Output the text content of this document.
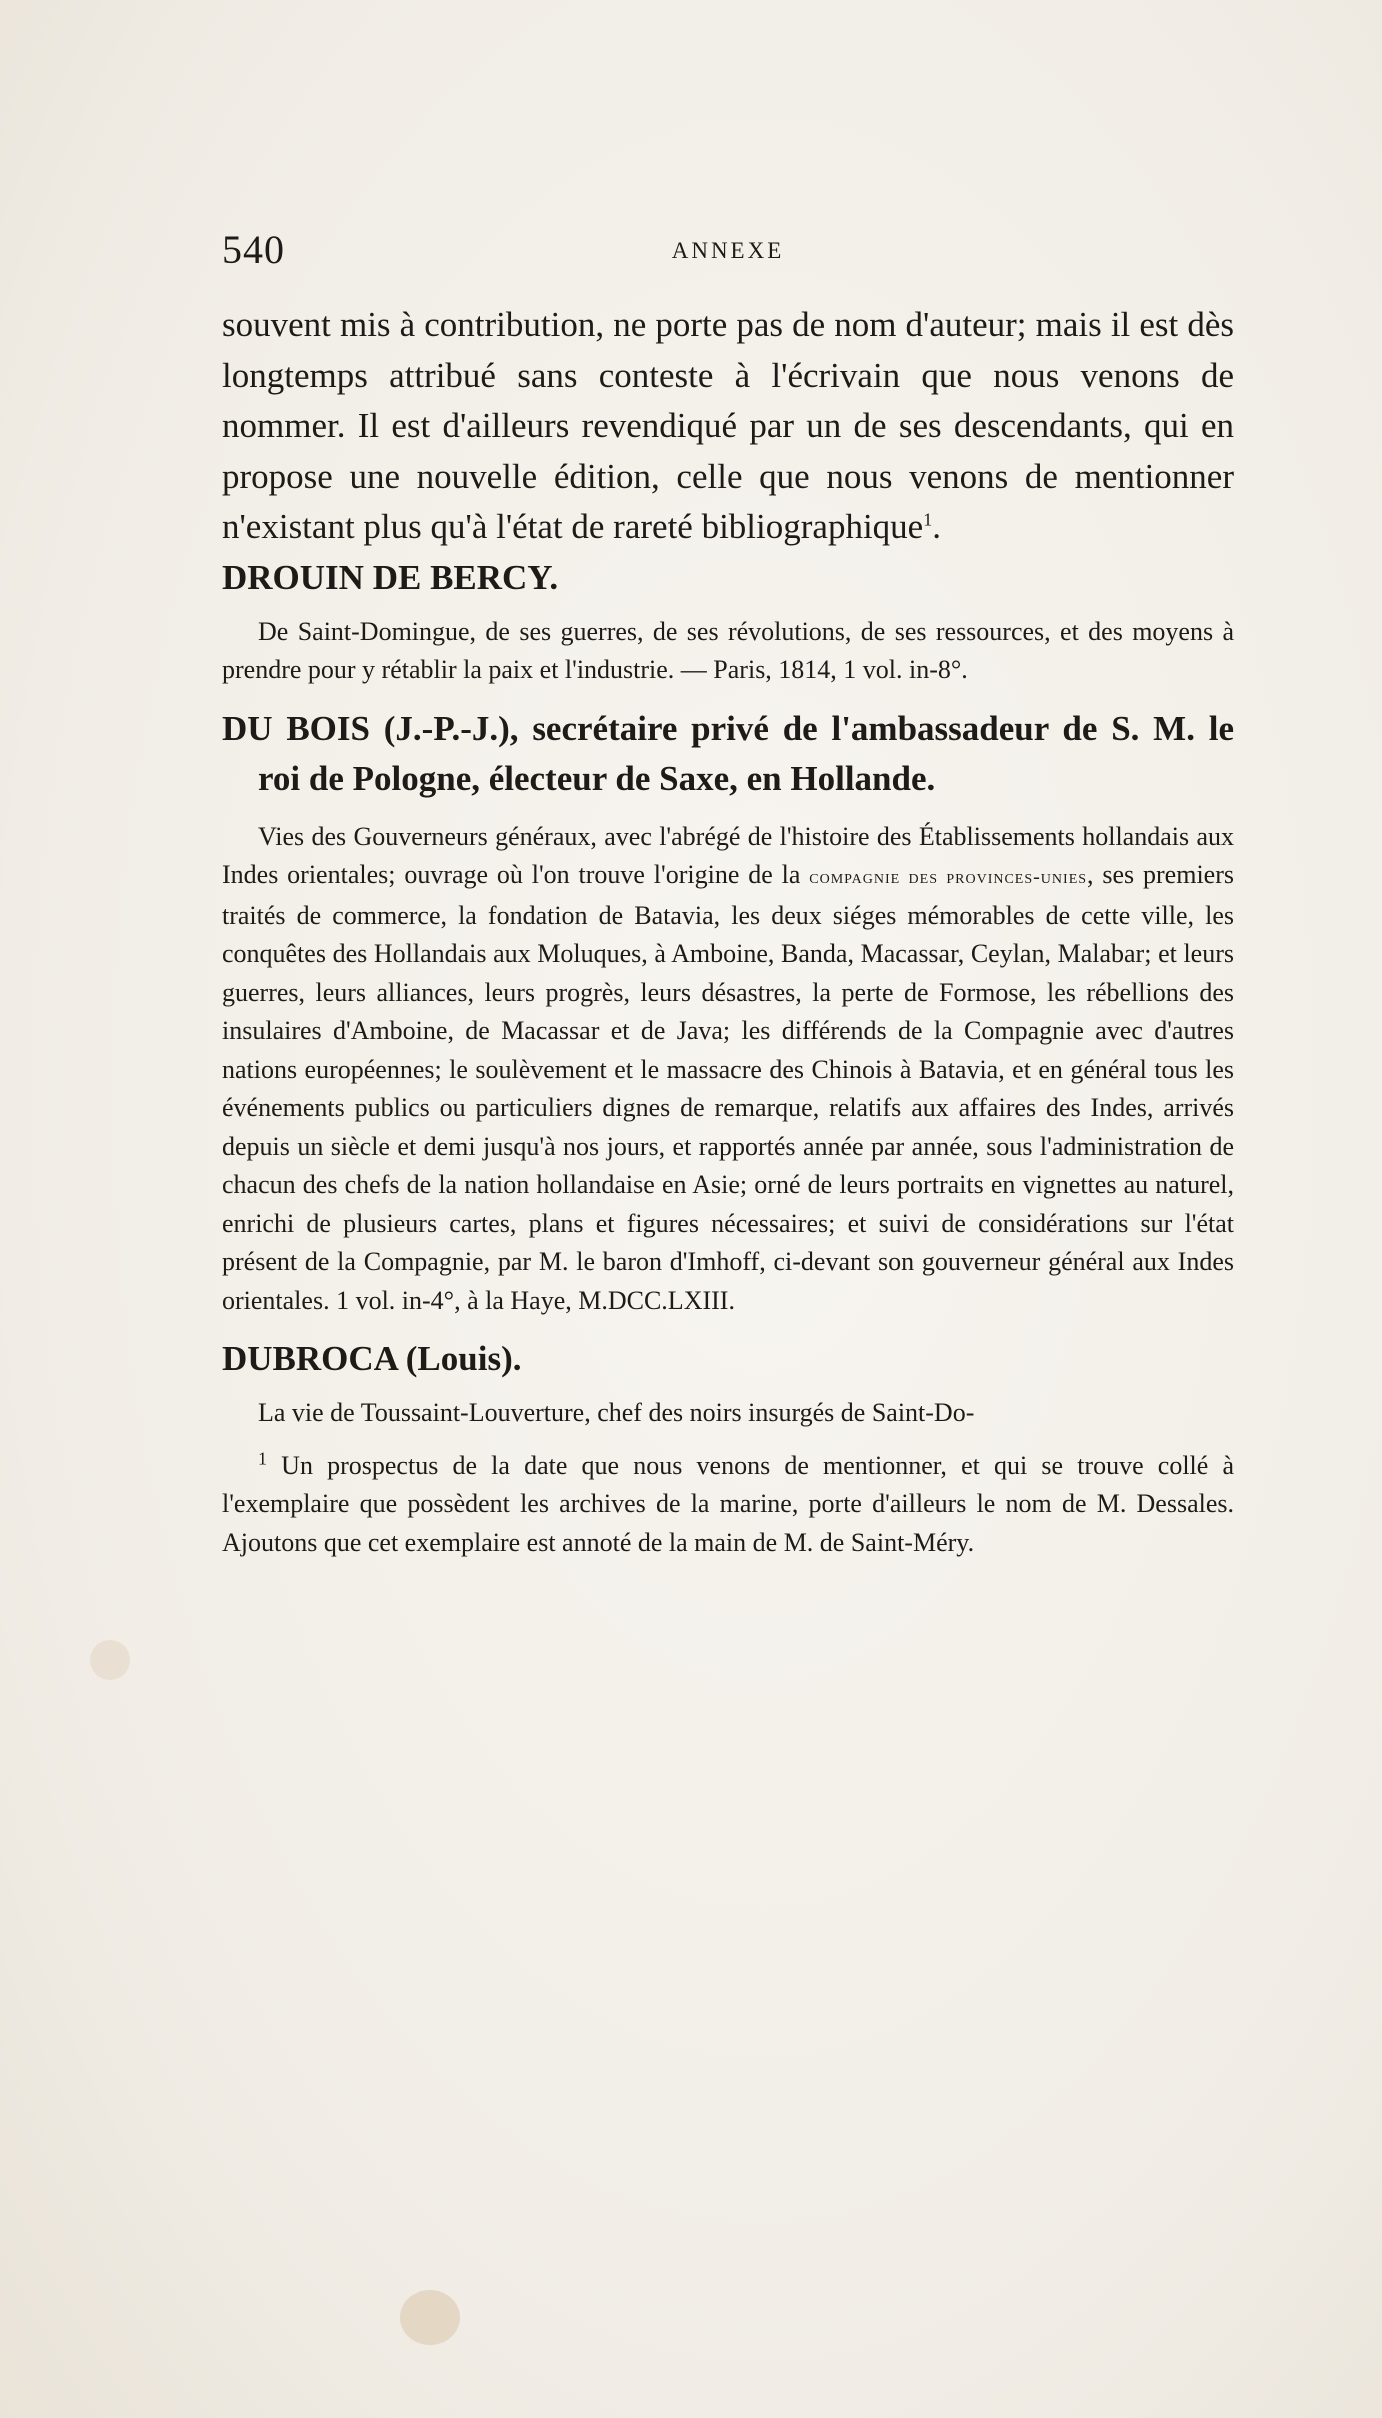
540	ANNEXE

souvent mis à contribution, ne porte pas de nom d'auteur; mais il est dès longtemps attribué sans conteste à l'écrivain que nous venons de nommer. Il est d'ailleurs revendiqué par un de ses descendants, qui en propose une nouvelle édition, celle que nous venons de mentionner n'existant plus qu'à l'état de rareté bibliographique$^1$.

DROUIN DE BERCY.

De Saint-Domingue, de ses guerres, de ses révolutions, de ses ressources, et des moyens à prendre pour y rétablir la paix et l'industrie. — Paris, 1814, 1 vol. in-8°.

DU BOIS (J.-P.-J.), secrétaire privé de l'ambassadeur de S. M. le roi de Pologne, électeur de Saxe, en Hollande.

Vies des Gouverneurs généraux, avec l'abrégé de l'histoire des Établissements hollandais aux Indes orientales; ouvrage où l'on trouve l'origine de la compagnie des provinces-unies, ses premiers traités de commerce, la fondation de Batavia, les deux siéges mémorables de cette ville, les conquêtes des Hollandais aux Moluques, à Amboine, Banda, Macassar, Ceylan, Malabar; et leurs guerres, leurs alliances, leurs progrès, leurs désastres, la perte de Formose, les rébellions des insulaires d'Amboine, de Macassar et de Java; les différends de la Compagnie avec d'autres nations européennes; le soulèvement et le massacre des Chinois à Batavia, et en général tous les événements publics ou particuliers dignes de remarque, relatifs aux affaires des Indes, arrivés depuis un siècle et demi jusqu'à nos jours, et rapportés année par année, sous l'administration de chacun des chefs de la nation hollandaise en Asie; orné de leurs portraits en vignettes au naturel, enrichi de plusieurs cartes, plans et figures nécessaires; et suivi de considérations sur l'état présent de la Compagnie, par M. le baron d'Imhoff, ci-devant son gouverneur général aux Indes orientales. 1 vol. in-4°, à la Haye, M.DCC.LXIII.

DUBROCA (Louis).

La vie de Toussaint-Louverture, chef des noirs insurgés de Saint-Do-

$^1$ Un prospectus de la date que nous venons de mentionner, et qui se trouve collé à l'exemplaire que possèdent les archives de la marine, porte d'ailleurs le nom de M. Dessales. Ajoutons que cet exemplaire est annoté de la main de M. de Saint-Méry.
